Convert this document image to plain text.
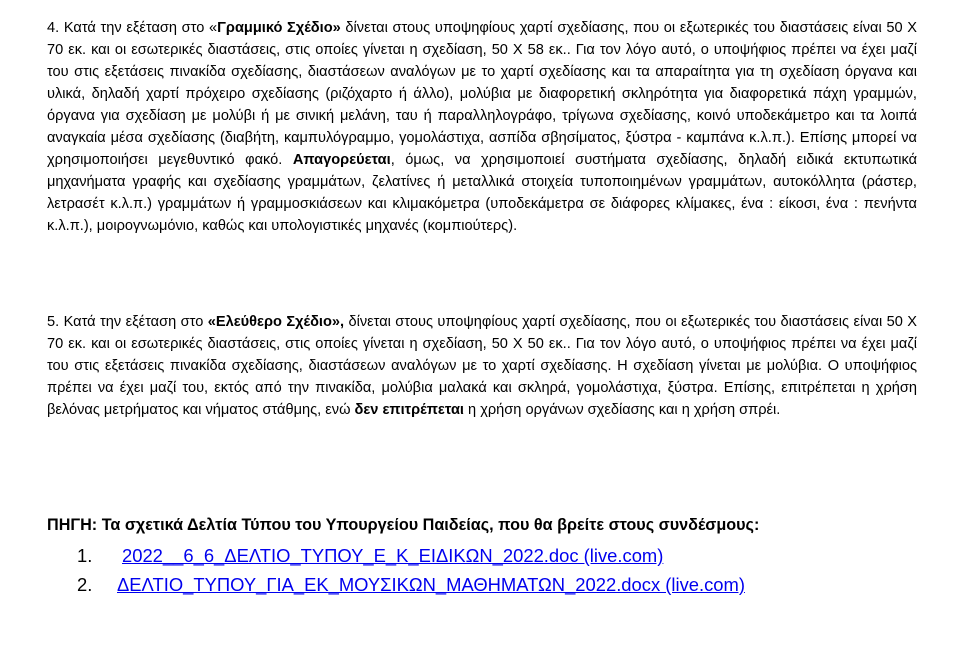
4. Κατά την εξέταση στο «Γραμμικό Σχέδιο» δίνεται στους υποψηφίους χαρτί σχεδίασης, που οι εξωτερικές του διαστάσεις είναι 50 Χ 70 εκ. και οι εσωτερικές διαστάσεις, στις οποίες γίνεται η σχεδίαση, 50 Χ 58 εκ.. Για τον λόγο αυτό, ο υποψήφιος πρέπει να έχει μαζί του στις εξετάσεις πινακίδα σχεδίασης, διαστάσεων αναλόγων με το χαρτί σχεδίασης και τα απαραίτητα για τη σχεδίαση όργανα και υλικά, δηλαδή χαρτί πρόχειρο σχεδίασης (ριζόχαρτο ή άλλο), μολύβια με διαφορετική σκληρότητα για διαφορετικά πάχη γραμμών, όργανα για σχεδίαση με μολύβι ή με σινική μελάνη, ταυ ή παραλληλογράφο, τρίγωνα σχεδίασης, κοινό υποδεκάμετρο και τα λοιπά αναγκαία μέσα σχεδίασης (διαβήτη, καμπυλόγραμμο, γομολάστιχα, ασπίδα σβησίματος, ξύστρα - καμπάνα κ.λ.π.). Επίσης μπορεί να χρησιμοποιήσει μεγεθυντικό φακό. Απαγορεύεται, όμως, να χρησιμοποιεί συστήματα σχεδίασης, δηλαδή ειδικά εκτυπωτικά μηχανήματα γραφής και σχεδίασης γραμμάτων, ζελατίνες ή μεταλλικά στοιχεία τυποποιημένων γραμμάτων, αυτοκόλλητα (ράστερ, λετρασέτ κ.λ.π.) γραμμάτων ή γραμμοσκιάσεων και κλιμακόμετρα (υποδεκάμετρα σε διάφορες κλίμακες, ένα : είκοσι, ένα : πενήντα κ.λ.π.), μοιρογνωμόνιο, καθώς και υπολογιστικές μηχανές (κομπιούτερς).

5. Κατά την εξέταση στο «Ελεύθερο Σχέδιο», δίνεται στους υποψηφίους χαρτί σχεδίασης, που οι εξωτερικές του διαστάσεις είναι 50 Χ 70 εκ. και οι εσωτερικές διαστάσεις, στις οποίες γίνεται η σχεδίαση, 50 Χ 50 εκ.. Για τον λόγο αυτό, ο υποψήφιος πρέπει να έχει μαζί του στις εξετάσεις πινακίδα σχεδίασης, διαστάσεων αναλόγων με το χαρτί σχεδίασης. Η σχεδίαση γίνεται με μολύβια. Ο υποψήφιος πρέπει να έχει μαζί του, εκτός από την πινακίδα, μολύβια μαλακά και σκληρά, γομολάστιχα, ξύστρα. Επίσης, επιτρέπεται η χρήση βελόνας μετρήματος και νήματος στάθμης, ενώ δεν επιτρέπεται η χρήση οργάνων σχεδίασης και η χρήση σπρέι.

ΠΗΓΗ: Τα σχετικά Δελτία Τύπου του Υπουργείου Παιδείας, που θα βρείτε στους συνδέσμους:

1. 2022__6_6_ΔΕΛΤΙΟ_ΤΥΠΟΥ_Ε_Κ_ΕΙΔΙΚΩΝ_2022.doc (live.com)
2. ΔΕΛΤΙΟ_ΤΥΠΟΥ_ΓΙΑ_ΕΚ_ΜΟΥΣΙΚΩΝ_ΜΑΘΗΜΑΤΩΝ_2022.docx (live.com)
